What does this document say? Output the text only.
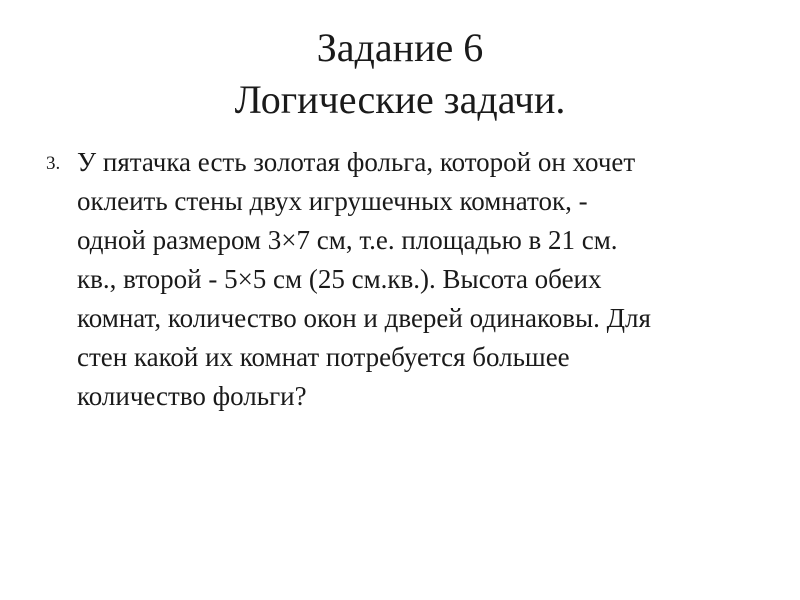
Задание 6
Логические задачи.
3. У пятачка есть золотая фольга, которой он хочет
оклеить стены двух игрушечных комнаток, -
одной размером 3×7 см, т.е. площадью в 21 см.
кв., второй - 5×5 см (25 см.кв.). Высота обеих
комнат, количество окон и дверей одинаковы. Для
стен какой их комнат потребуется большее
количество фольги?
